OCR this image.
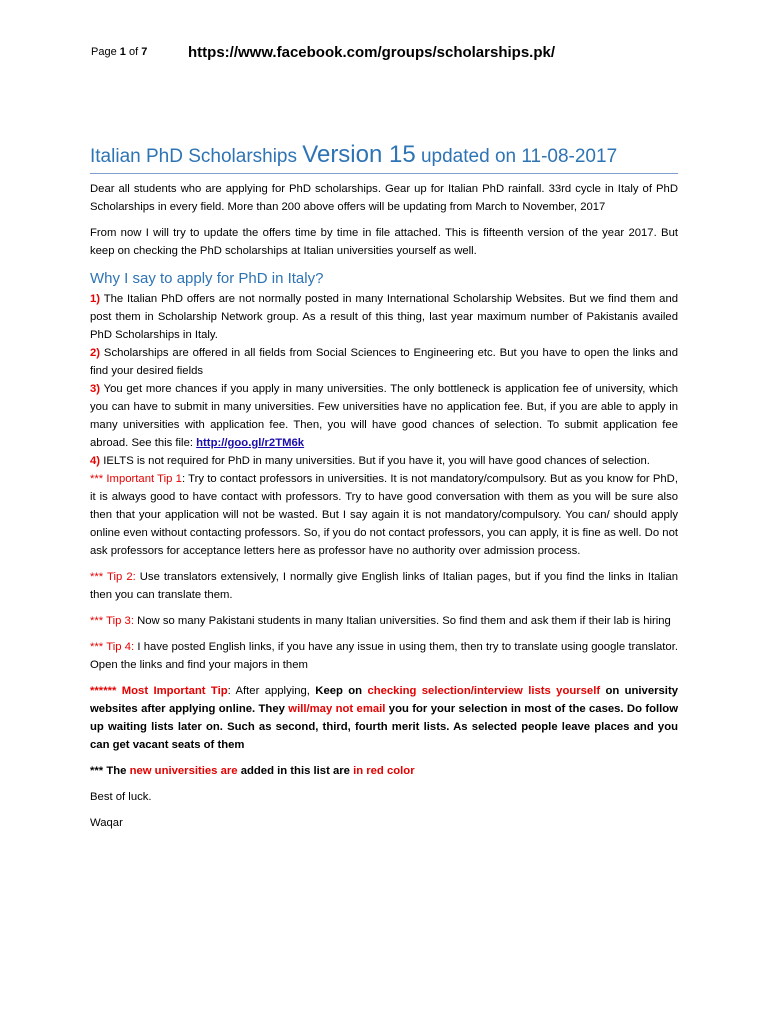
Page 1 of 7	https://www.facebook.com/groups/scholarships.pk/
Italian PhD Scholarships Version 15 updated on 11-08-2017

Dear all students who are applying for PhD scholarships. Gear up for Italian PhD rainfall. 33rd cycle in Italy of PhD Scholarships in every field. More than 200 above offers will be updating from March to November, 2017

From now I will try to update the offers time by time in file attached. This is fifteenth version of the year 2017. But keep on checking the PhD scholarships at Italian universities yourself as well.

Why I say to apply for PhD in Italy?

1) The Italian PhD offers are not normally posted in many International Scholarship Websites. But we find them and post them in Scholarship Network group. As a result of this thing, last year maximum number of Pakistanis availed PhD Scholarships in Italy.

2) Scholarships are offered in all fields from Social Sciences to Engineering etc. But you have to open the links and find your desired fields

3) You get more chances if you apply in many universities. The only bottleneck is application fee of university, which you can have to submit in many universities. Few universities have no application fee. But, if you are able to apply in many universities with application fee. Then, you will have good chances of selection. To submit application fee abroad. See this file: http://goo.gl/r2TM6k

4) IELTS is not required for PhD in many universities. But if you have it, you will have good chances of selection.

*** Important Tip 1: Try to contact professors in universities. It is not mandatory/compulsory. But as you know for PhD, it is always good to have contact with professors. Try to have good conversation with them as you will be sure also then that your application will not be wasted. But I say again it is not mandatory/compulsory. You can/ should apply online even without contacting professors. So, if you do not contact professors, you can apply, it is fine as well. Do not ask professors for acceptance letters here as professor have no authority over admission process.

*** Tip 2: Use translators extensively, I normally give English links of Italian pages, but if you find the links in Italian then you can translate them.

*** Tip 3: Now so many Pakistani students in many Italian universities. So find them and ask them if their lab is hiring

*** Tip 4: I have posted English links, if you have any issue in using them, then try to translate using google translator. Open the links and find your majors in them

****** Most Important Tip: After applying, Keep on checking selection/interview lists yourself on university websites after applying online. They will/may not email you for your selection in most of the cases. Do follow up waiting lists later on. Such as second, third, fourth merit lists. As selected people leave places and you can get vacant seats of them

*** The new universities are added in this list are in red color

Best of luck.

Waqar
